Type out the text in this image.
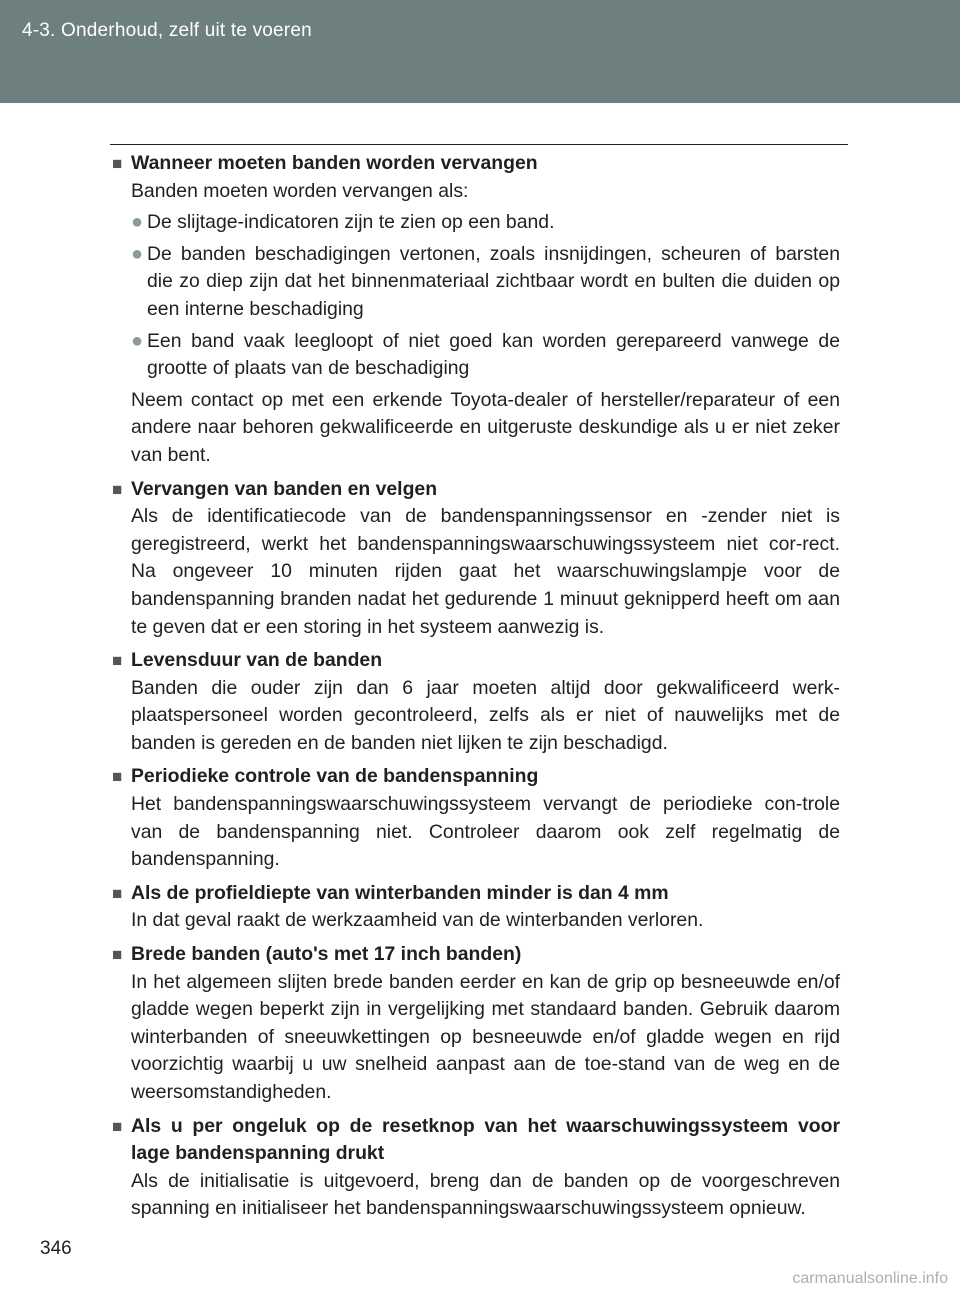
4-3. Onderhoud, zelf uit te voeren
■ Wanneer moeten banden worden vervangen
Banden moeten worden vervangen als:
● De slijtage-indicatoren zijn te zien op een band.
● De banden beschadigingen vertonen, zoals insnijdingen, scheuren of barsten die zo diep zijn dat het binnenmateriaal zichtbaar wordt en bulten die duiden op een interne beschadiging
● Een band vaak leegloopt of niet goed kan worden gerepareerd vanwege de grootte of plaats van de beschadiging
Neem contact op met een erkende Toyota-dealer of hersteller/reparateur of een andere naar behoren gekwalificeerde en uitgeruste deskundige als u er niet zeker van bent.
■ Vervangen van banden en velgen
Als de identificatiecode van de bandenspanningssensor en -zender niet is geregistreerd, werkt het bandenspanningswaarschuwingssysteem niet cor-rect. Na ongeveer 10 minuten rijden gaat het waarschuwingslampje voor de bandenspanning branden nadat het gedurende 1 minuut geknipperd heeft om aan te geven dat er een storing in het systeem aanwezig is.
■ Levensduur van de banden
Banden die ouder zijn dan 6 jaar moeten altijd door gekwalificeerd werk-plaatspersoneel worden gecontroleerd, zelfs als er niet of nauwelijks met de banden is gereden en de banden niet lijken te zijn beschadigd.
■ Periodieke controle van de bandenspanning
Het bandenspanningswaarschuwingssysteem vervangt de periodieke con-trole van de bandenspanning niet. Controleer daarom ook zelf regelmatig de bandenspanning.
■ Als de profieldiepte van winterbanden minder is dan 4 mm
In dat geval raakt de werkzaamheid van de winterbanden verloren.
■ Brede banden (auto's met 17 inch banden)
In het algemeen slijten brede banden eerder en kan de grip op besneeuwde en/of gladde wegen beperkt zijn in vergelijking met standaard banden. Gebruik daarom winterbanden of sneeuwkettingen op besneeuwde en/of gladde wegen en rijd voorzichtig waarbij u uw snelheid aanpast aan de toe-stand van de weg en de weersomstandigheden.
■ Als u per ongeluk op de resetknop van het waarschuwingssysteem voor lage bandenspanning drukt
Als de initialisatie is uitgevoerd, breng dan de banden op de voorgeschreven spanning en initialiseer het bandenspanningswaarschuwingssysteem opnieuw.
346
carmanualsonline.info
